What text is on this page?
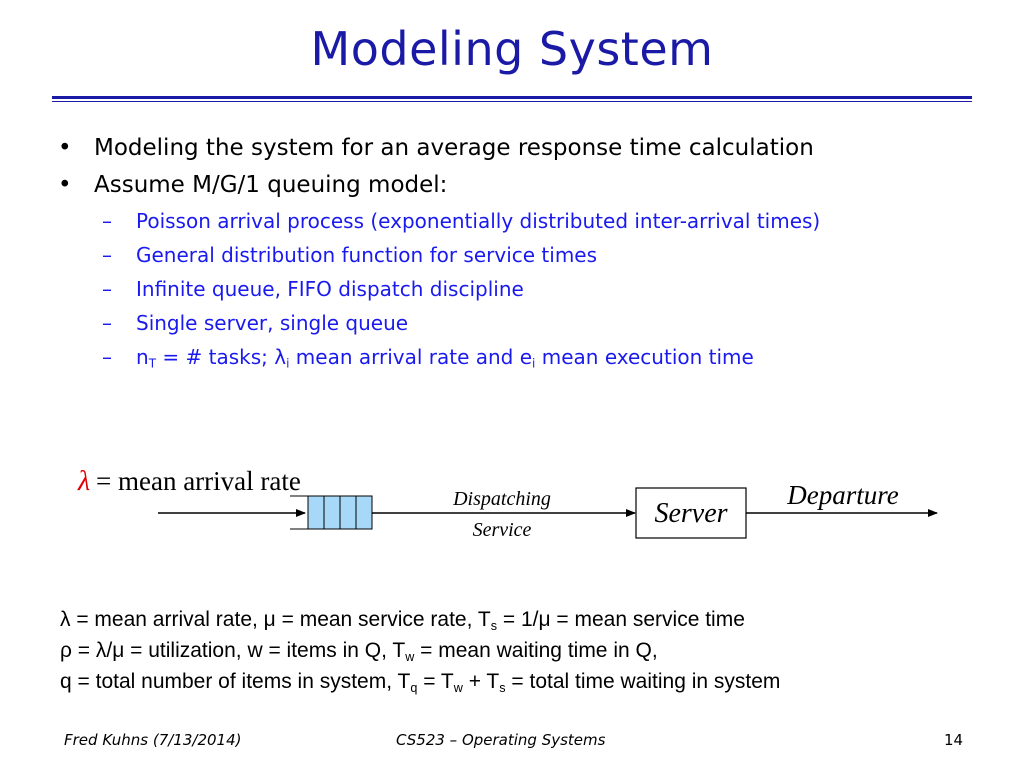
Modeling System
• Modeling the system for an average response time calculation
• Assume M/G/1 queuing model:
– Poisson arrival process (exponentially distributed inter-arrival times)
– General distribution function for service times
– Infinite queue, FIFO dispatch discipline
– Single server, single queue
– $n_T$ = # tasks; $\lambda_i$ mean arrival rate and $e_i$ mean execution time
λ = mean arrival rate
Dispatching
Service
Server
Departure
λ = mean arrival rate, μ = mean service rate, $T_s = 1/\mu$ = mean service time
ρ = λ/μ = utilization, w = items in Q, $T_w$ = mean waiting time in Q,
q = total number of items in system, $T_q = T_w + T_s$ = total time waiting in system
Fred Kuhns (7/13/2014)	CS523 – Operating Systems	14
